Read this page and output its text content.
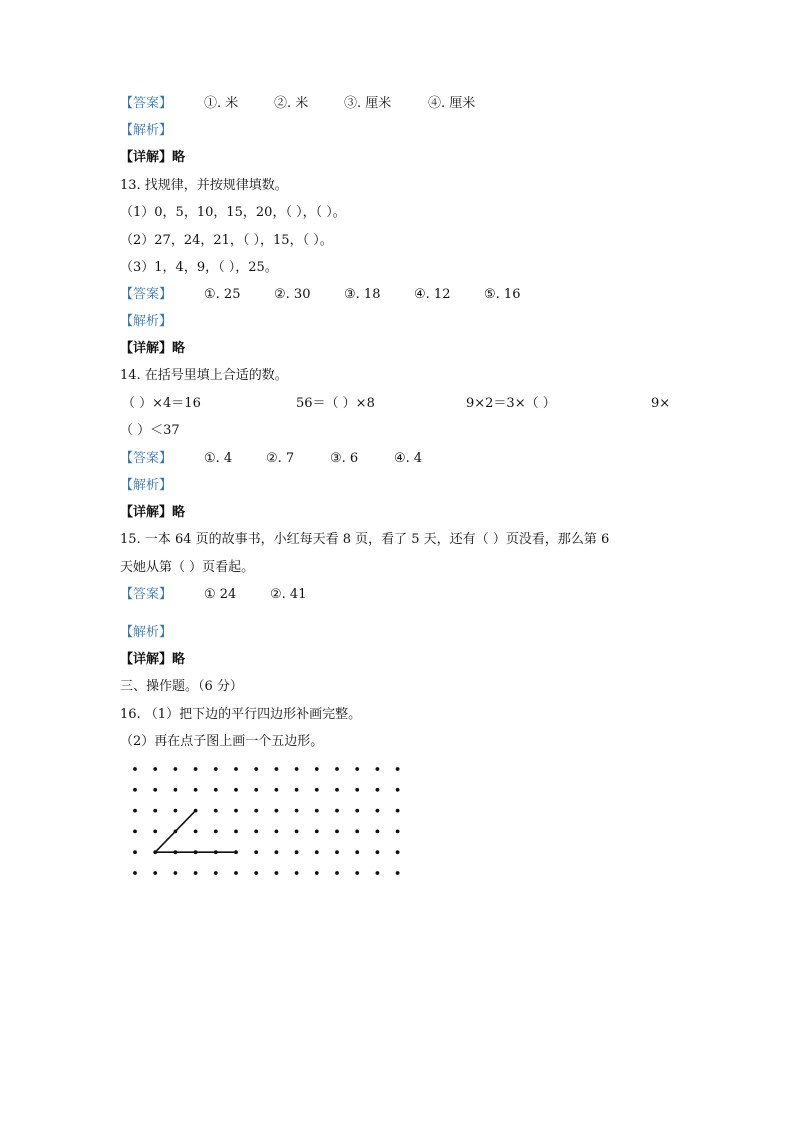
【答案】 ①. 米	②. 米	③. 厘米	④. 厘米
【解析】
【详解】略
13. 找规律，并按规律填数。
（1）0，5，10，15，20，（ ），（ ）。
（2）27，24，21，（ ），15，（ ）。
（3）1，4，9，（ ），25。
【答案】 ①. 25	②. 30	③. 18	④. 12	⑤. 16
【解析】
【详解】略
14. 在括号里填上合适的数。
（ ）×4＝16	56＝（ ）×8	9×2＝3×（ ）	9×
（ ）＜37
【答案】 ①. 4	②. 7	③. 6	④. 4
【解析】
【详解】略
15. 一本 64 页的故事书，小红每天看 8 页，看了 5 天，还有（ ）页没看，那么第 6
天她从第（ ）页看起。
【答案】 ① 24	②. 41
【解析】
【详解】略
三、操作题。（6 分）
16. （1）把下边的平行四边形补画完整。
（2）再在点子图上画一个五边形。
